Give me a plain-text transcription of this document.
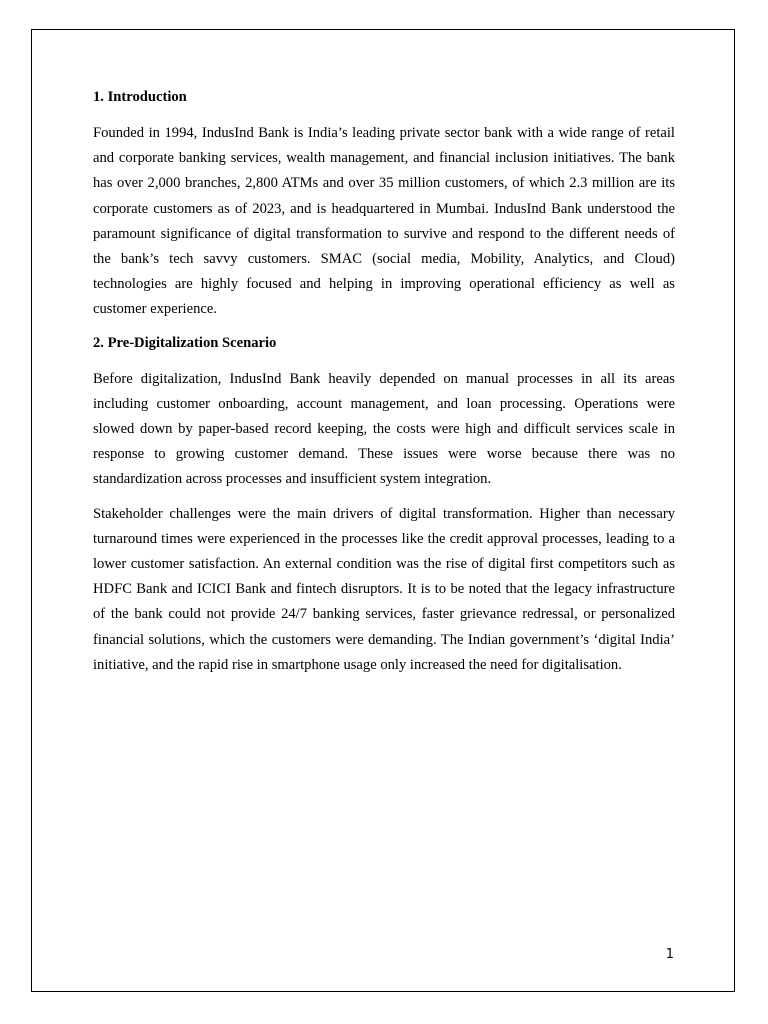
1. Introduction

Founded in 1994, IndusInd Bank is India’s leading private sector bank with a wide range of retail and corporate banking services, wealth management, and financial inclusion initiatives. The bank has over 2,000 branches, 2,800 ATMs and over 35 million customers, of which 2.3 million are its corporate customers as of 2023, and is headquartered in Mumbai. IndusInd Bank understood the paramount significance of digital transformation to survive and respond to the different needs of the bank’s tech savvy customers. SMAC (social media, Mobility, Analytics, and Cloud) technologies are highly focused and helping in improving operational efficiency as well as customer experience.

2. Pre-Digitalization Scenario

Before digitalization, IndusInd Bank heavily depended on manual processes in all its areas including customer onboarding, account management, and loan processing. Operations were slowed down by paper-based record keeping, the costs were high and difficult services scale in response to growing customer demand. These issues were worse because there was no standardization across processes and insufficient system integration.

Stakeholder challenges were the main drivers of digital transformation. Higher than necessary turnaround times were experienced in the processes like the credit approval processes, leading to a lower customer satisfaction. An external condition was the rise of digital first competitors such as HDFC Bank and ICICI Bank and fintech disruptors. It is to be noted that the legacy infrastructure of the bank could not provide 24/7 banking services, faster grievance redressal, or personalized financial solutions, which the customers were demanding. The Indian government’s ‘digital India’ initiative, and the rapid rise in smartphone usage only increased the need for digitalisation.

1
